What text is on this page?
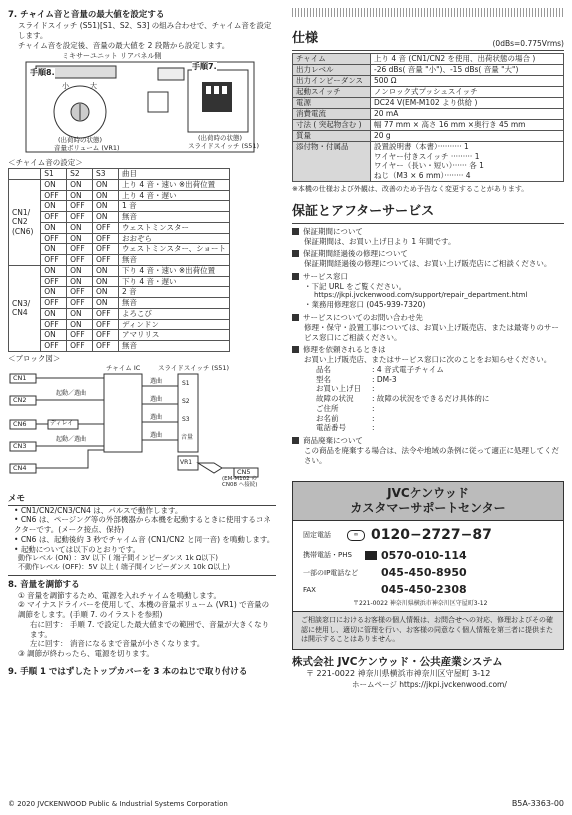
7. チャイム音と音量の最大値を設定する
スライドスイッチ (S51)[S1、S2、S3] の組み合わせで、チャイム音を設定します。
チャイム音を設定後、音量の最大値を 2 段階から設定します。
ミキサーユニット リアパネル側
手順8.
手順7.
小	大
(出荷時の状態)
音量ボリューム (VR1)
(出荷時の状態)
スライドスイッチ (S51)
＜チャイム音の設定＞
	S1	S2	S3	曲目
CN1/
CN2
(CN6)	ON	ON	ON	上り 4 音・速い ※出荷位置
	OFF	ON	ON	上り 4 音・遅い
	ON	OFF	ON	1 音
	OFF	OFF	ON	無音
	ON	ON	OFF	ウェストミンスター
	OFF	ON	OFF	おおぞら
	ON	OFF	OFF	ウェストミンスター、ショート
	OFF	OFF	OFF	無音
CN3/
CN4	ON	ON	ON	下り 4 音・速い ※出荷位置
	OFF	ON	ON	下り 4 音・遅い
	ON	OFF	ON	2 音
	OFF	OFF	ON	無音
	ON	ON	OFF	よろこび
	OFF	ON	OFF	ディンドン
	ON	OFF	OFF	アマリリス
	OFF	OFF	OFF	無音
＜ブロック図＞
チャイム IC	スライドスイッチ (S51)
CN1
CN2
CN6
CN3
CN4
起動／選曲
起動／選曲
ディレイ
選曲
選曲
選曲
選曲
S1
S2
S3
音量
VR1
CN5
(EM-M102 の
CN08 へ接続)
メモ
• CN1/CN2/CN3/CN4 は、パルスで動作します。
• CN6 は、ページング等の外部機器から本機を起動するときに使用するコネクターです。(メーク接点、保持)
• CN6 は、起動後約 3 秒でチャイム音 (CN1/CN2 と同一音) を鳴動します。
• 起動については以下のとおりです。
動作レベル (ON) ：3V 以下 ( 端子間インピーダンス 1k Ω以下)
不動作レベル (OFF)：5V 以上 ( 端子間インピーダンス 10k Ω以上)
8. 音量を調節する
① 音量を調節するため、電源を入れチャイムを鳴動します。
② マイナスドライバーを使用して、本機の音量ボリューム (VR1) で音量の調節をします。(手順 7. のイラストを参照)
右に回す： 手順 7. で設定した最大値までの範囲で、音量が大きくなります。
左に回す： 消音になるまで音量が小さくなります。
③ 調節が終わったら、電源を切ります。
9. 手順 1 ではずしたトップカバーを 3 本のねじで取り付ける
仕様	(0dBs=0.775Vrms)
チャイム	上り 4 音 (CN1/CN2 を使用、出荷状態の場合 )
出力レベル	-26 dBs( 音量 "小")、-15 dBs( 音量 "大")
出力インピーダンス	500 Ω
起動スイッチ	ノンロック式プッシュスイッチ
電源	DC24 V(EM-M102 より供給 )
消費電流	20 mA
寸法 ( 突起物含む )	幅 77 mm × 高さ 16 mm ×奥行き 45 mm
質量	20 g
添付物・付属品	設置説明書（本書）·········· 1
ワイヤー付きスイッチ ········· 1
ワイヤー（長い・短い）······ 各 1
ねじ（M3 × 6 mm）········ 4
※本機の仕様および外観は、改善のため予告なく変更することがあります。
保証とアフターサービス
保証期間について
保証期間は、お買い上げ日より 1 年間です。
保証期間経過後の修理について
保証期間経過後の修理については、お買い上げ販売店にご相談ください。
サービス窓口
・下記 URL をご覧ください。
https://jkpi.jvckenwood.com/support/repair_department.html
・業務用修理窓口 (045-939-7320)
サービスについてのお問い合わせ先
修理・保守・設置工事については、お買い上げ販売店、または最寄りのサービス窓口にご相談ください。
修理を依頼されるときは
お買い上げ販売店、またはサービス窓口に次のことをお知らせください。
品名	: 4 音式電子チャイム
型名	: DM-3
お買い上げ日	:
故障の状況	: 故障の状況をできるだけ具体的に
ご住所	:
お名前	:
電話番号	:
商品廃棄について
この商品を廃棄する場合は、法令や地域の条例に従って適正に処理してください。
JVCケンウッド
カスタマーサポートセンター
固定電話	∞ 0120−2727−87
携帯電話・PHS	0570-010-114
一部のIP電話など	045-450-8950
FAX	045-450-2308
〒221-0022 神奈川県横浜市神奈川区守屋町3-12
ご相談窓口におけるお客様の個人情報は、お問合せへの対応、修理およびその確認に使用し、適切に管理を行い、お客様の同意なく個人情報を第三者に提供または開示することはありません。
株式会社 JVCケンウッド・公共産業システム
〒 221-0022 神奈川県横浜市神奈川区守屋町 3-12
ホームページ https://jkpi.jvckenwood.com/
© 2020 JVCKENWOOD Public & Industrial Systems Corporation	B5A-3363-00
